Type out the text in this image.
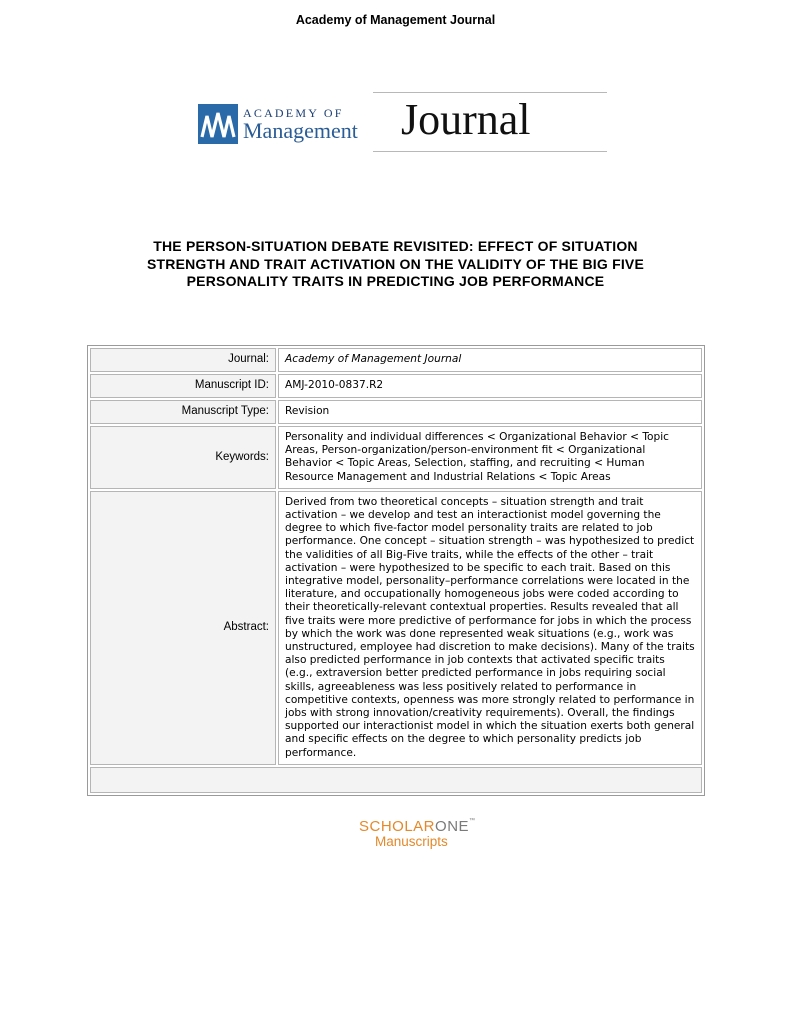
Academy of Management Journal
ACADEMY OF
Management Journal
THE PERSON-SITUATION DEBATE REVISITED: EFFECT OF SITUATION STRENGTH AND TRAIT ACTIVATION ON THE VALIDITY OF THE BIG FIVE PERSONALITY TRAITS IN PREDICTING JOB PERFORMANCE
Journal:	Academy of Management Journal
Manuscript ID:	AMJ-2010-0837.R2
Manuscript Type:	Revision
Keywords:	Personality and individual differences < Organizational Behavior < Topic Areas, Person-organization/person-environment fit < Organizational Behavior < Topic Areas, Selection, staffing, and recruiting < Human Resource Management and Industrial Relations < Topic Areas
Abstract:	Derived from two theoretical concepts – situation strength and trait activation – we develop and test an interactionist model governing the degree to which five-factor model personality traits are related to job performance. One concept – situation strength – was hypothesized to predict the validities of all Big-Five traits, while the effects of the other – trait activation – were hypothesized to be specific to each trait. Based on this integrative model, personality–performance correlations were located in the literature, and occupationally homogeneous jobs were coded according to their theoretically-relevant contextual properties. Results revealed that all five traits were more predictive of performance for jobs in which the process by which the work was done represented weak situations (e.g., work was unstructured, employee had discretion to make decisions). Many of the traits also predicted performance in job contexts that activated specific traits (e.g., extraversion better predicted performance in jobs requiring social skills, agreeableness was less positively related to performance in competitive contexts, openness was more strongly related to performance in jobs with strong innovation/creativity requirements). Overall, the findings supported our interactionist model in which the situation exerts both general and specific effects on the degree to which personality predicts job performance.

SCHOLARONE™
Manuscripts
